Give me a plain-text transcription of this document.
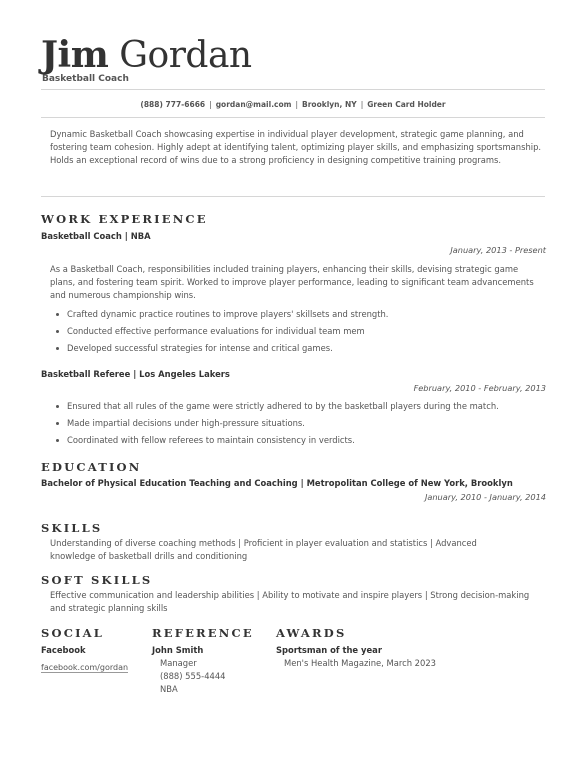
Jim Gordan
Basketball Coach
(888) 777-6666 | gordan@mail.com | Brooklyn, NY | Green Card Holder
Dynamic Basketball Coach showcasing expertise in individual player development, strategic game planning, and fostering team cohesion. Highly adept at identifying talent, optimizing player skills, and emphasizing sportsmanship. Holds an exceptional record of wins due to a strong proficiency in designing competitive training programs.
WORK EXPERIENCE
Basketball Coach | NBA
January, 2013 - Present
As a Basketball Coach, responsibilities included training players, enhancing their skills, devising strategic game plans, and fostering team spirit. Worked to improve player performance, leading to significant team advancements and numerous championship wins.
Crafted dynamic practice routines to improve players' skillsets and strength.
Conducted effective performance evaluations for individual team mem
Developed successful strategies for intense and critical games.
Basketball Referee | Los Angeles Lakers
February, 2010 - February, 2013
Ensured that all rules of the game were strictly adhered to by the basketball players during the match.
Made impartial decisions under high-pressure situations.
Coordinated with fellow referees to maintain consistency in verdicts.
EDUCATION
Bachelor of Physical Education Teaching and Coaching | Metropolitan College of New York, Brooklyn
January, 2010 - January, 2014
SKILLS
Understanding of diverse coaching methods | Proficient in player evaluation and statistics | Advanced knowledge of basketball drills and conditioning
SOFT SKILLS
Effective communication and leadership abilities | Ability to motivate and inspire players | Strong decision-making and strategic planning skills
SOCIAL
Facebook
facebook.com/gordan
REFERENCE
John Smith
Manager
(888) 555-4444
NBA
AWARDS
Sportsman of the year
Men's Health Magazine, March 2023
